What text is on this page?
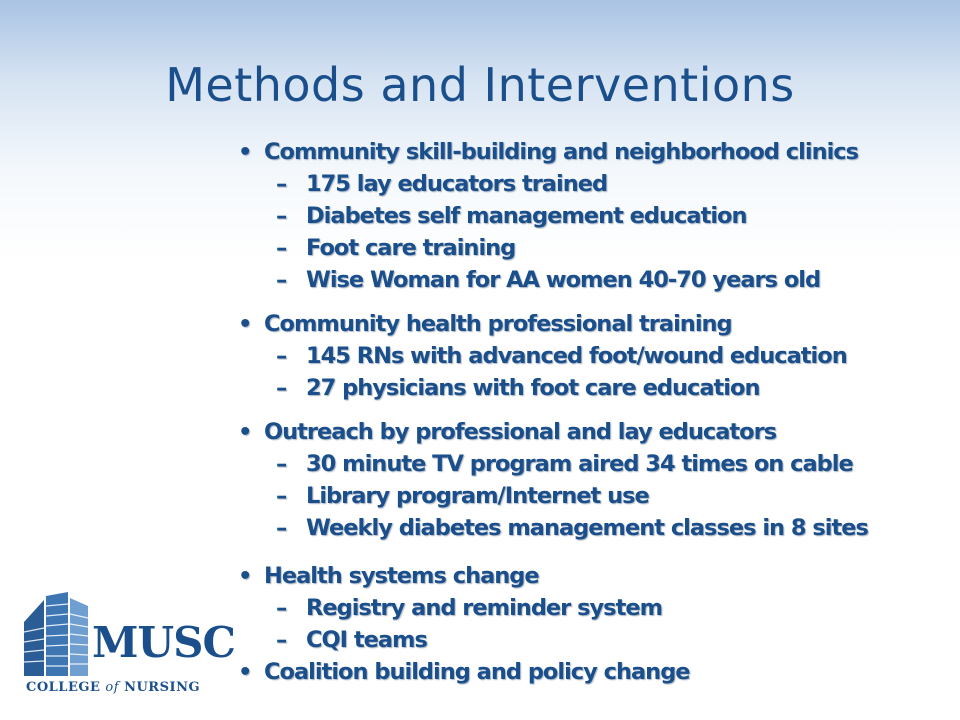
Methods and Interventions
• Community skill-building and neighborhood clinics
– 175 lay educators trained
– Diabetes self management education
– Foot care training
– Wise Woman for AA women 40-70 years old
• Community health professional training
– 145 RNs with advanced foot/wound education
– 27 physicians with foot care education
• Outreach by professional and lay educators
– 30 minute TV program aired 34 times on cable
– Library program/Internet use
– Weekly diabetes management classes in 8 sites
• Health systems change
– Registry and reminder system
– CQI teams
• Coalition building and policy change
MUSC
COLLEGE of NURSING
